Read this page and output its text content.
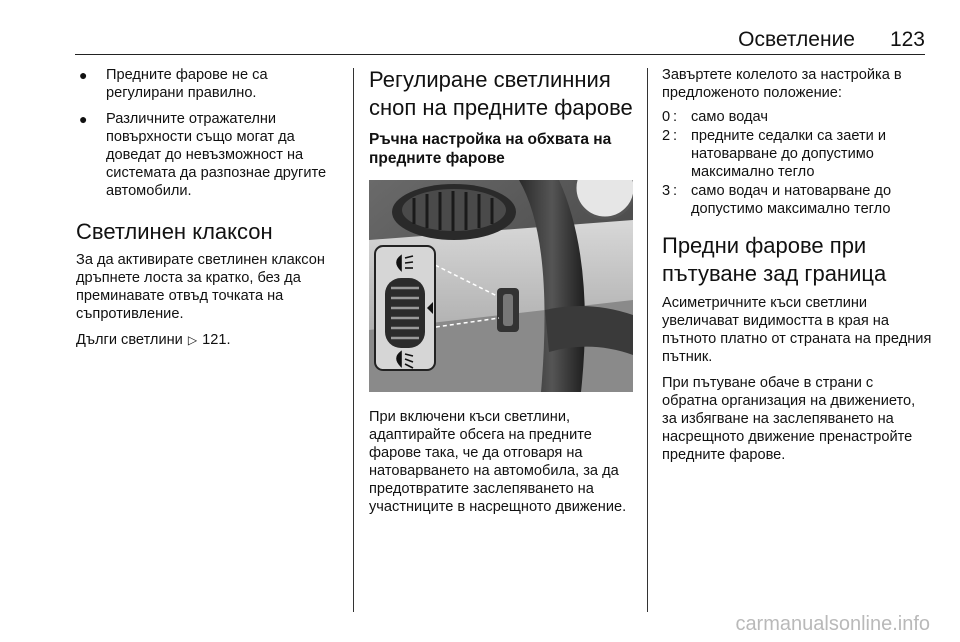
Осветление 123
● Предните фарове не са регулирани правилно.
● Различните отражателни повърхности също могат да доведат до невъзможност на системата да разпознае другите автомобили.
Светлинен клаксон

За да активирате светлинен клаксон дръпнете лоста за кратко, без да преминавате отвъд точката на съпротивление.

Дълги светлини ▷ 121.

Регулиране светлинния сноп на предните фарове
Ръчна настройка на обхвата на предните фарове

При включени къси светлини, адаптирайте обсега на предните фарове така, че да отговаря на натоварването на автомобила, за да предотвратите заслепяването на участниците в насрещното движение.

Завъртете колелото за настройка в предложеното положение:

0 : само водач
2 : предните седалки са заети и натоварване до допустимо максимално тегло
3 : само водач и натоварване до допустимо максимално тегло
Предни фарове при пътуване зад граница

Асиметричните къси светлини увеличават видимостта в края на пътното платно от страната на предния пътник.

При пътуване обаче в страни с обратна организация на движението, за избягване на заслепяването на насрещното движение пренастройте предните фарове.

carmanualsonline.info
